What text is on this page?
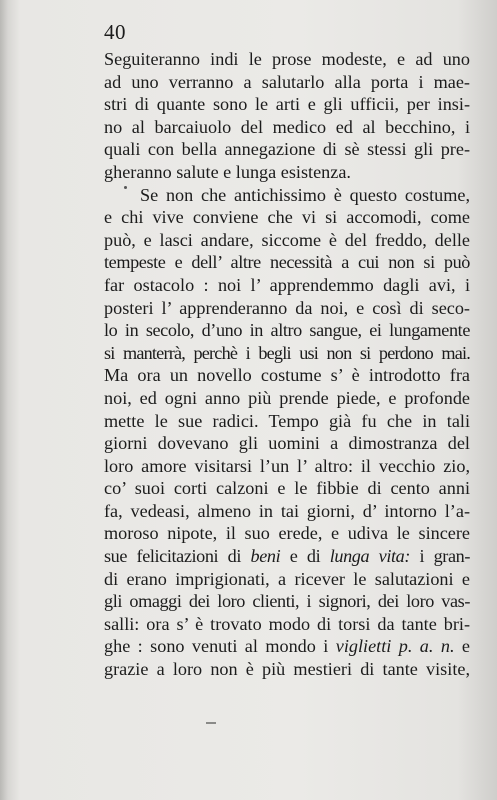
40
Seguiteranno indi le prose modeste, e ad uno
ad uno verranno a salutarlo alla porta i mae-
stri di quante sono le arti e gli ufficii, per insi-
no al barcaiuolo del medico ed al becchino, i
quali con bella annegazione di sè stessi gli pre-
gheranno salute e lunga esistenza.
Se non che antichissimo è questo costume,
e chi vive conviene che vi si accomodi, come
può, e lasci andare, siccome è del freddo, delle
tempeste e dell’ altre necessità a cui non si può
far ostacolo : noi l’ apprendemmo dagli avi, i
posteri l’ apprenderanno da noi, e così di seco-
lo in secolo, d’uno in altro sangue, ei lungamente
si manterrà, perchè i begli usi non si perdono mai.
Ma ora un novello costume s’ è introdotto fra
noi, ed ogni anno più prende piede, e profonde
mette le sue radici. Tempo già fu che in tali
giorni dovevano gli uomini a dimostranza del
loro amore visitarsi l’un l’ altro: il vecchio zio,
co’ suoi corti calzoni e le fibbie di cento anni
fa, vedeasi, almeno in tai giorni, d’ intorno l’a-
moroso nipote, il suo erede, e udiva le sincere
sue felicitazioni di beni e di lunga vita: i gran-
di erano imprigionati, a ricever le salutazioni e
gli omaggi dei loro clienti, i signori, dei loro vas-
salli: ora s’ è trovato modo di torsi da tante bri-
ghe : sono venuti al mondo i viglietti p. a. n. e
grazie a loro non è più mestieri di tante visite,
